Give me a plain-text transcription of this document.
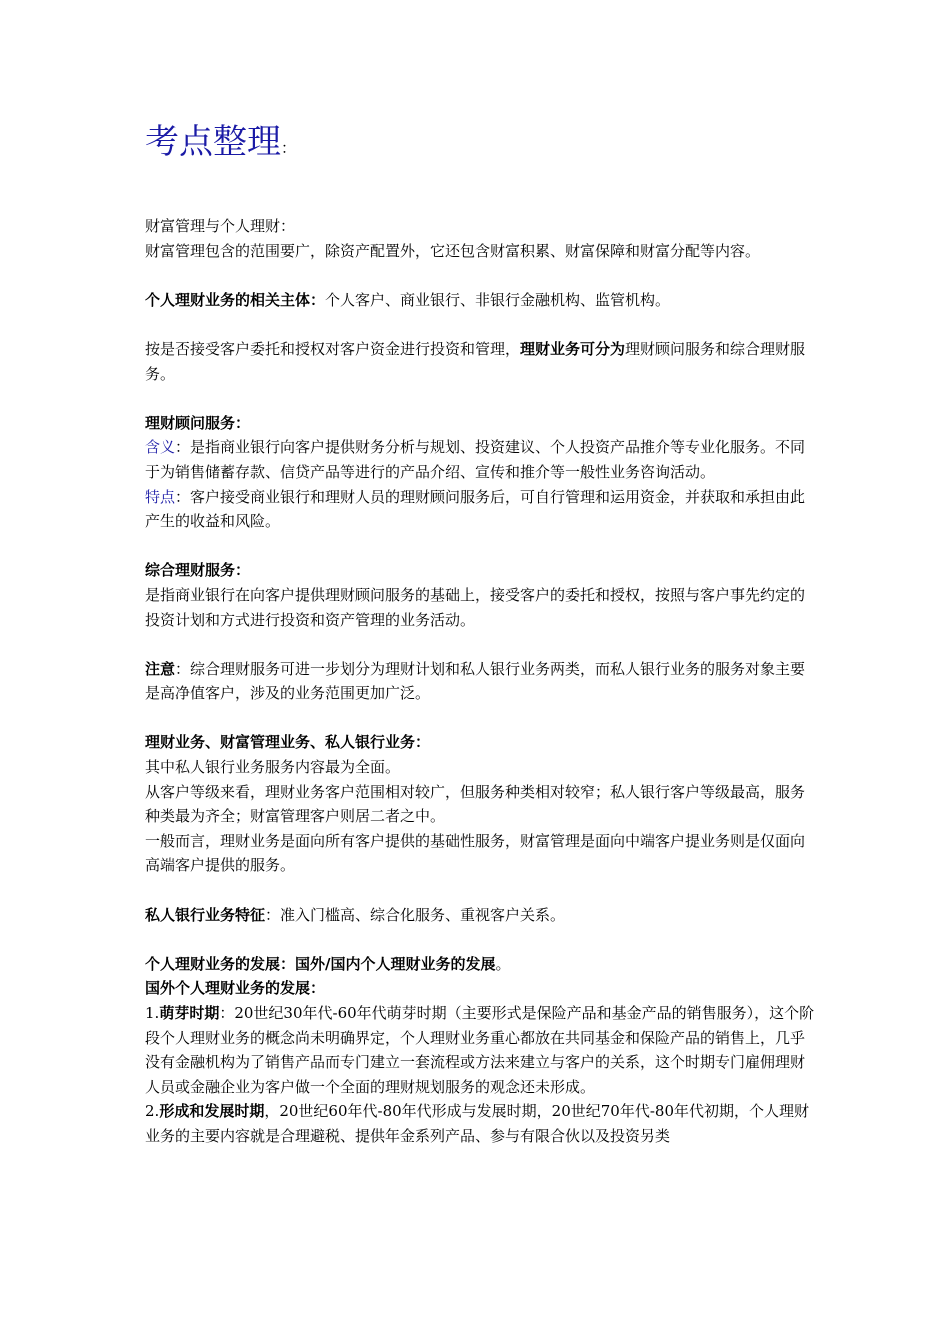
考点整理：

财富管理与个人理财：

财富管理包含的范围要广，除资产配置外，它还包含财富积累、财富保障和财富分配等内容。

个人理财业务的相关主体：个人客户、商业银行、非银行金融机构、监管机构。

按是否接受客户委托和授权对客户资金进行投资和管理，理财业务可分为理财顾问服务和综合理财服务。

理财顾问服务：

含义：是指商业银行向客户提供财务分析与规划、投资建议、个人投资产品推介等专业化服务。不同于为销售储蓄存款、信贷产品等进行的产品介绍、宣传和推介等一般性业务咨询活动。

特点：客户接受商业银行和理财人员的理财顾问服务后，可自行管理和运用资金，并获取和承担由此产生的收益和风险。

综合理财服务：

是指商业银行在向客户提供理财顾问服务的基础上，接受客户的委托和授权，按照与客户事先约定的投资计划和方式进行投资和资产管理的业务活动。

注意：综合理财服务可进一步划分为理财计划和私人银行业务两类，而私人银行业务的服务对象主要是高净值客户，涉及的业务范围更加广泛。

理财业务、财富管理业务、私人银行业务：

其中私人银行业务服务内容最为全面。

从客户等级来看，理财业务客户范围相对较广，但服务种类相对较窄；私人银行客户等级最高，服务种类最为齐全；财富管理客户则居二者之中。

一般而言，理财业务是面向所有客户提供的基础性服务，财富管理是面向中端客户提业务则是仅面向高端客户提供的服务。

私人银行业务特征：准入门槛高、综合化服务、重视客户关系。

个人理财业务的发展：国外/国内个人理财业务的发展。

国外个人理财业务的发展：

1.萌芽时期：20世纪30年代-60年代萌芽时期（主要形式是保险产品和基金产品的销售服务），这个阶段个人理财业务的概念尚未明确界定，个人理财业务重心都放在共同基金和保险产品的销售上，几乎没有金融机构为了销售产品而专门建立一套流程或方法来建立与客户的关系，这个时期专门雇佣理财人员或金融企业为客户做一个全面的理财规划服务的观念还未形成。

2.形成和发展时期，20世纪60年代-80年代形成与发展时期，20世纪70年代-80年代初期，个人理财业务的主要内容就是合理避税、提供年金系列产品、参与有限合伙以及投资另类
